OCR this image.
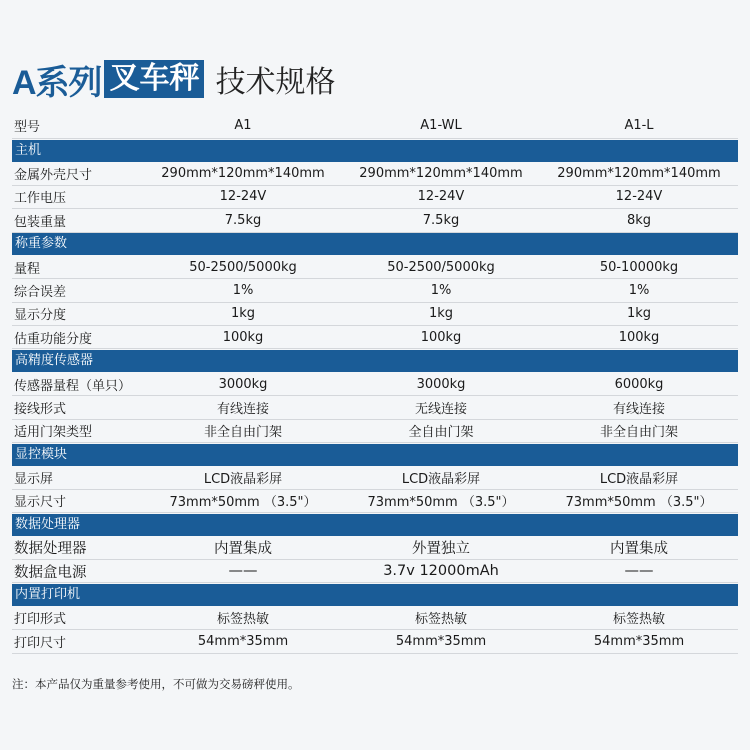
A系列 叉车秤 技术规格
型号	A1	A1-WL	A1-L
主机
金属外壳尺寸	290mm*120mm*140mm	290mm*120mm*140mm	290mm*120mm*140mm
工作电压	12-24V	12-24V	12-24V
包装重量	7.5kg	7.5kg	8kg
称重参数
量程	50-2500/5000kg	50-2500/5000kg	50-10000kg
综合误差	1%	1%	1%
显示分度	1kg	1kg	1kg
估重功能分度	100kg	100kg	100kg
高精度传感器
传感器量程（单只）	3000kg	3000kg	6000kg
接线形式	有线连接	无线连接	有线连接
适用门架类型	非全自由门架	全自由门架	非全自由门架
显控模块
显示屏	LCD液晶彩屏	LCD液晶彩屏	LCD液晶彩屏
显示尺寸	73mm*50mm （3.5"）	73mm*50mm （3.5"）	73mm*50mm （3.5"）
数据处理器
数据处理器	内置集成	外置独立	内置集成
数据盒电源	——	3.7v 12000mAh	——
内置打印机
打印形式	标签热敏	标签热敏	标签热敏
打印尺寸	54mm*35mm	54mm*35mm	54mm*35mm
注：本产品仅为重量参考使用，不可做为交易磅秤使用。
